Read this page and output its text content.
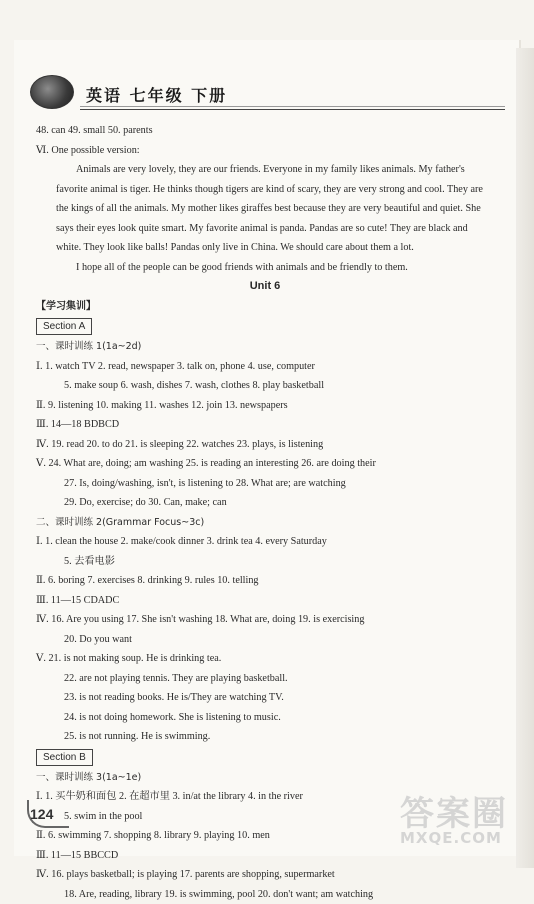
英语 七年级 下册
48. can 49. small 50. parents
Ⅵ. One possible version:
Animals are very lovely, they are our friends. Everyone in my family likes animals. My father's favorite animal is tiger. He thinks though tigers are kind of scary, they are very strong and cool. They are the kings of all the animals. My mother likes giraffes best because they are very beautiful and quiet. She says their eyes look quite smart. My favorite animal is panda. Pandas are so cute! They are black and white. They look like balls! Pandas only live in China. We should care about them a lot.
I hope all of the people can be good friends with animals and be friendly to them.
Unit 6
【学习集训】
Section A
一、课时训练 1(1a~2d)
Ⅰ. 1. watch TV 2. read, newspaper 3. talk on, phone 4. use, computer
5. make soup 6. wash, dishes 7. wash, clothes 8. play basketball
Ⅱ. 9. listening 10. making 11. washes 12. join 13. newspapers
Ⅲ. 14—18 BDBCD
Ⅳ. 19. read 20. to do 21. is sleeping 22. watches 23. plays, is listening
Ⅴ. 24. What are, doing; am washing 25. is reading an interesting 26. are doing their
27. Is, doing/washing, isn't, is listening to 28. What are; are watching
29. Do, exercise; do 30. Can, make; can
二、课时训练 2(Grammar Focus~3c)
Ⅰ. 1. clean the house 2. make/cook dinner 3. drink tea 4. every Saturday
5. 去看电影
Ⅱ. 6. boring 7. exercises 8. drinking 9. rules 10. telling
Ⅲ. 11—15 CDADC
Ⅳ. 16. Are you using 17. She isn't washing 18. What are, doing 19. is exercising
20. Do you want
Ⅴ. 21. is not making soup. He is drinking tea.
22. are not playing tennis. They are playing basketball.
23. is not reading books. He is/They are watching TV.
24. is not doing homework. She is listening to music.
25. is not running. He is swimming.
Section B
一、课时训练 3(1a~1e)
Ⅰ. 1. 买牛奶和面包 2. 在超市里 3. in/at the library 4. in the river
5. swim in the pool
Ⅱ. 6. swimming 7. shopping 8. library 9. playing 10. men
Ⅲ. 11—15 BBCCD
Ⅳ. 16. plays basketball; is playing 17. parents are shopping, supermarket
18. Are, reading, library 19. is swimming, pool 20. don't want; am watching
124	答案圈
MXQE.COM
